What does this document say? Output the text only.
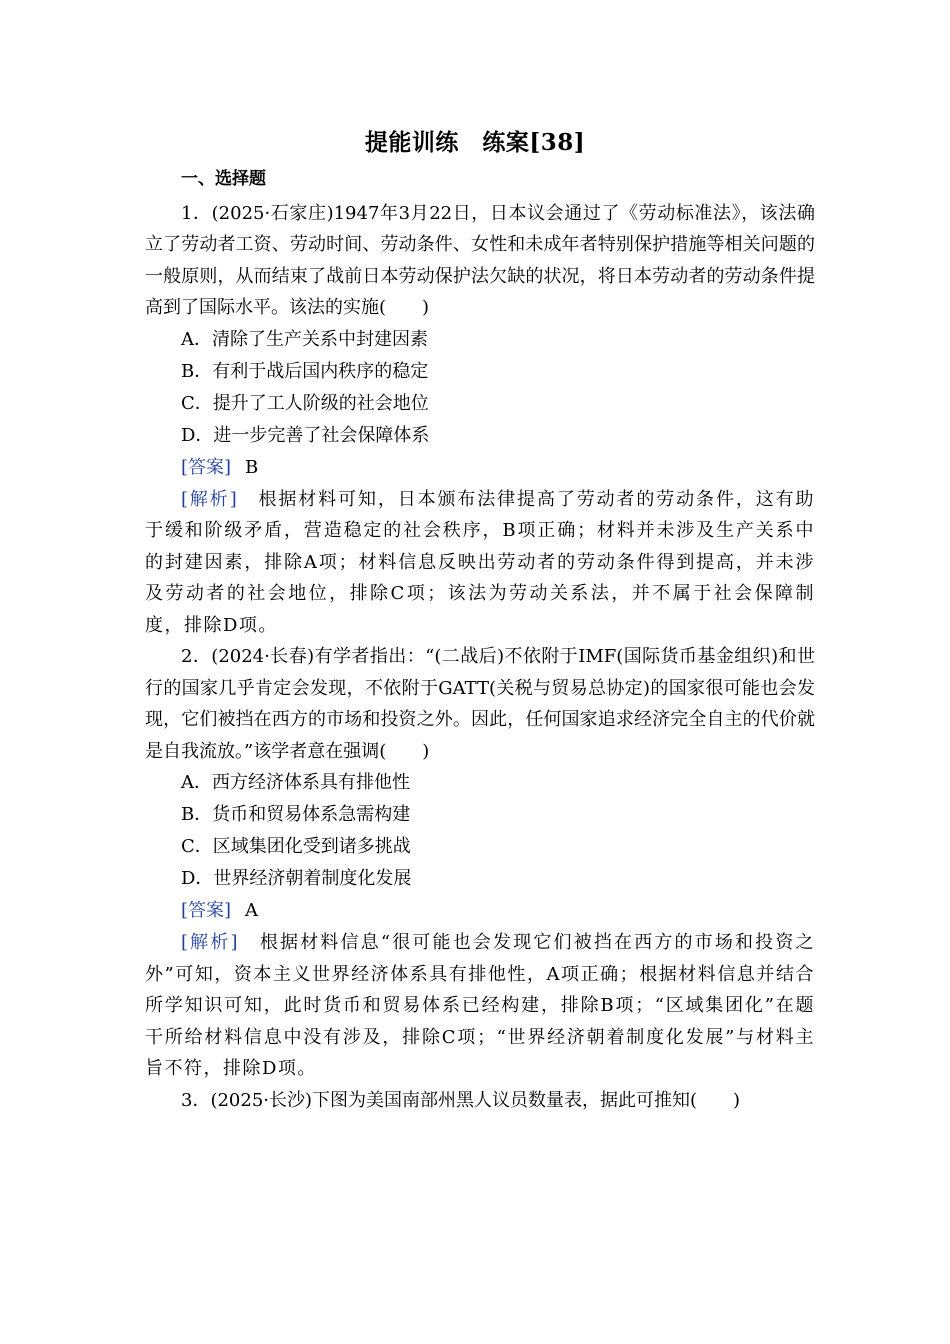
提能训练　练案[38]

一、选择题

1．(2025·石家庄)1947年3月22日，日本议会通过了《劳动标准法》，该法确立了劳动者工资、劳动时间、劳动条件、女性和未成年者特别保护措施等相关问题的一般原则，从而结束了战前日本劳动保护法欠缺的状况，将日本劳动者的劳动条件提高到了国际水平。该法的实施(　　)

A．清除了生产关系中封建因素

B．有利于战后国内秩序的稳定

C．提升了工人阶级的社会地位

D．进一步完善了社会保障体系

[答案] B

[解析]　 根据材料可知，日本颁布法律提高了劳动者的劳动条件，这有助于缓和阶级矛盾，营造稳定的社会秩序，B项正确；材料并未涉及生产关系中的封建因素，排除A项；材料信息反映出劳动者的劳动条件得到提高，并未涉及劳动者的社会地位，排除C项；该法为劳动关系法，并不属于社会保障制度，排除D项。

2．(2024·长春)有学者指出：“(二战后)不依附于IMF(国际货币基金组织)和世行的国家几乎肯定会发现，不依附于GATT(关税与贸易总协定)的国家很可能也会发现，它们被挡在西方的市场和投资之外。因此，任何国家追求经济完全自主的代价就是自我流放。”该学者意在强调(　　)

A．西方经济体系具有排他性

B．货币和贸易体系急需构建

C．区域集团化受到诸多挑战

D．世界经济朝着制度化发展

[答案] A

[解析]　 根据材料信息“很可能也会发现它们被挡在西方的市场和投资之外”可知，资本主义世界经济体系具有排他性，A项正确；根据材料信息并结合所学知识可知，此时货币和贸易体系已经构建，排除B项；“区域集团化”在题干所给材料信息中没有涉及，排除C项；“世界经济朝着制度化发展”与材料主旨不符，排除D项。

3．(2025·长沙)下图为美国南部州黑人议员数量表，据此可推知(　　)
